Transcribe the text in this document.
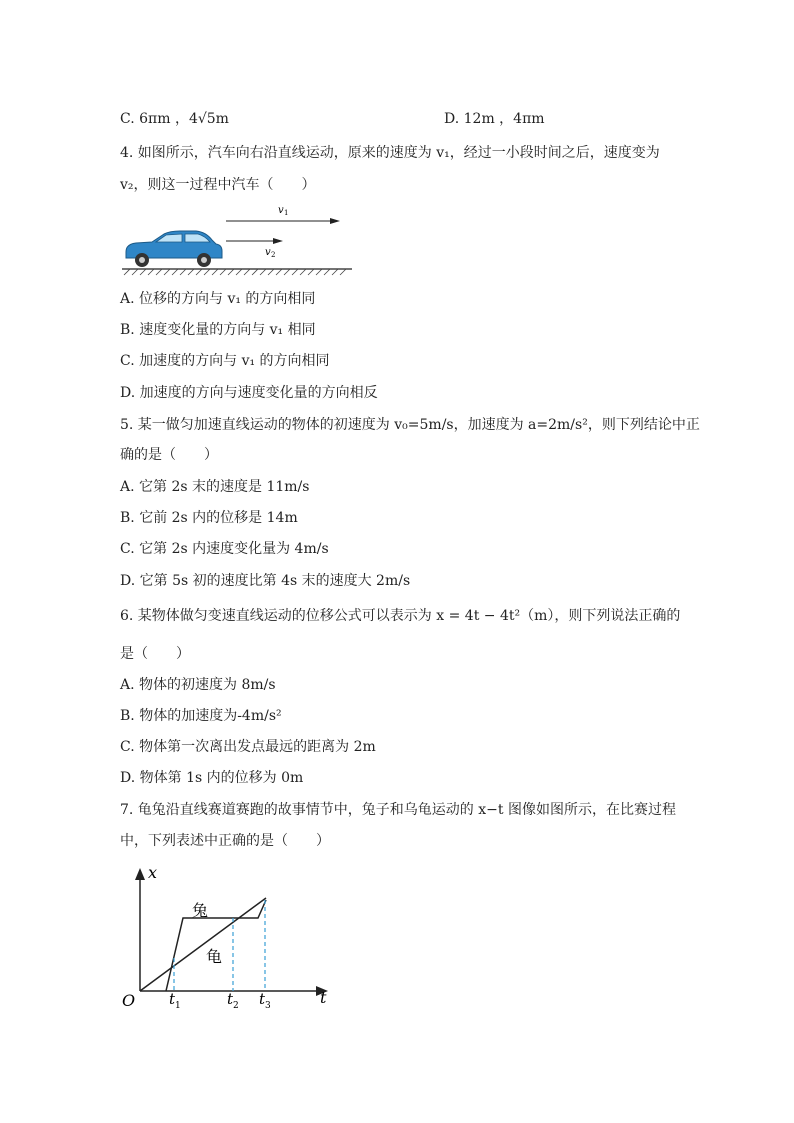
C. 6πm ，4√5m	D. 12m ，4πm
4. 如图所示，汽车向右沿直线运动，原来的速度为 v₁，经过一小段时间之后，速度变为
v₂，则这一过程中汽车（　　）
v 1
v 2
A. 位移的方向与 v₁ 的方向相同
B. 速度变化量的方向与 v₁ 相同
C. 加速度的方向与 v₁ 的方向相同
D. 加速度的方向与速度变化量的方向相反
5. 某一做匀加速直线运动的物体的初速度为 v₀=5m/s，加速度为 a=2m/s²，则下列结论中正
确的是（　　）
A. 它第 2s 末的速度是 11m/s
B. 它前 2s 内的位移是 14m
C. 它第 2s 内速度变化量为 4m/s
D. 它第 5s 初的速度比第 4s 末的速度大 2m/s
6. 某物体做匀变速直线运动的位移公式可以表示为 x = 4t − 4t²（m），则下列说法正确的
是（　　）
A. 物体的初速度为 8m/s
B. 物体的加速度为-4m/s²
C. 物体第一次离出发点最远的距离为 2m
D. 物体第 1s 内的位移为 0m
7. 龟兔沿直线赛道赛跑的故事情节中，兔子和乌龟运动的 x−t 图像如图所示，在比赛过程
中，下列表述中正确的是（　　）
x
t
O
兔
龟
t 1	t 2 t 3
